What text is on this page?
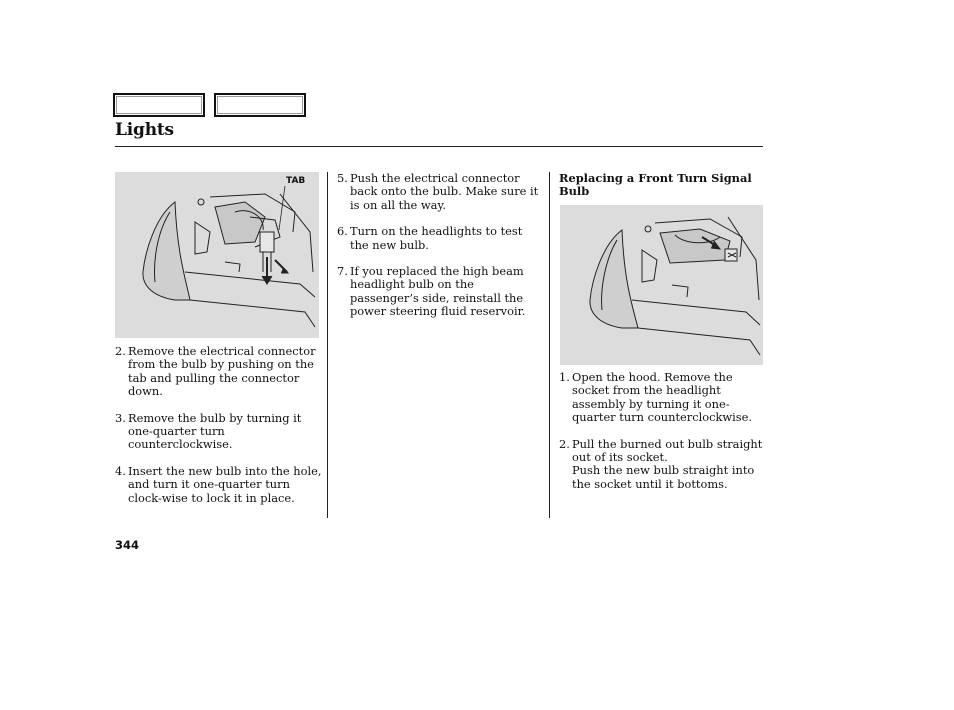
Lights
TAB
2. Remove the electrical connector from the bulb by pushing on the tab and pulling the connector down.
3. Remove the bulb by turning it one-quarter turn counterclockwise.
4. Insert the new bulb into the hole, and turn it one-quarter turn clock-wise to lock it in place.
5. Push the electrical connector back onto the bulb. Make sure it is on all the way.
6. Turn on the headlights to test the new bulb.
7. If you replaced the high beam headlight bulb on the passenger’s side, reinstall the power steering fluid reservoir.
Replacing a Front Turn Signal Bulb
1. Open the hood. Remove the socket from the headlight assembly by turning it one-quarter turn counterclockwise.
2. Pull the burned out bulb straight out of its socket.
Push the new bulb straight into the socket until it bottoms.
344
